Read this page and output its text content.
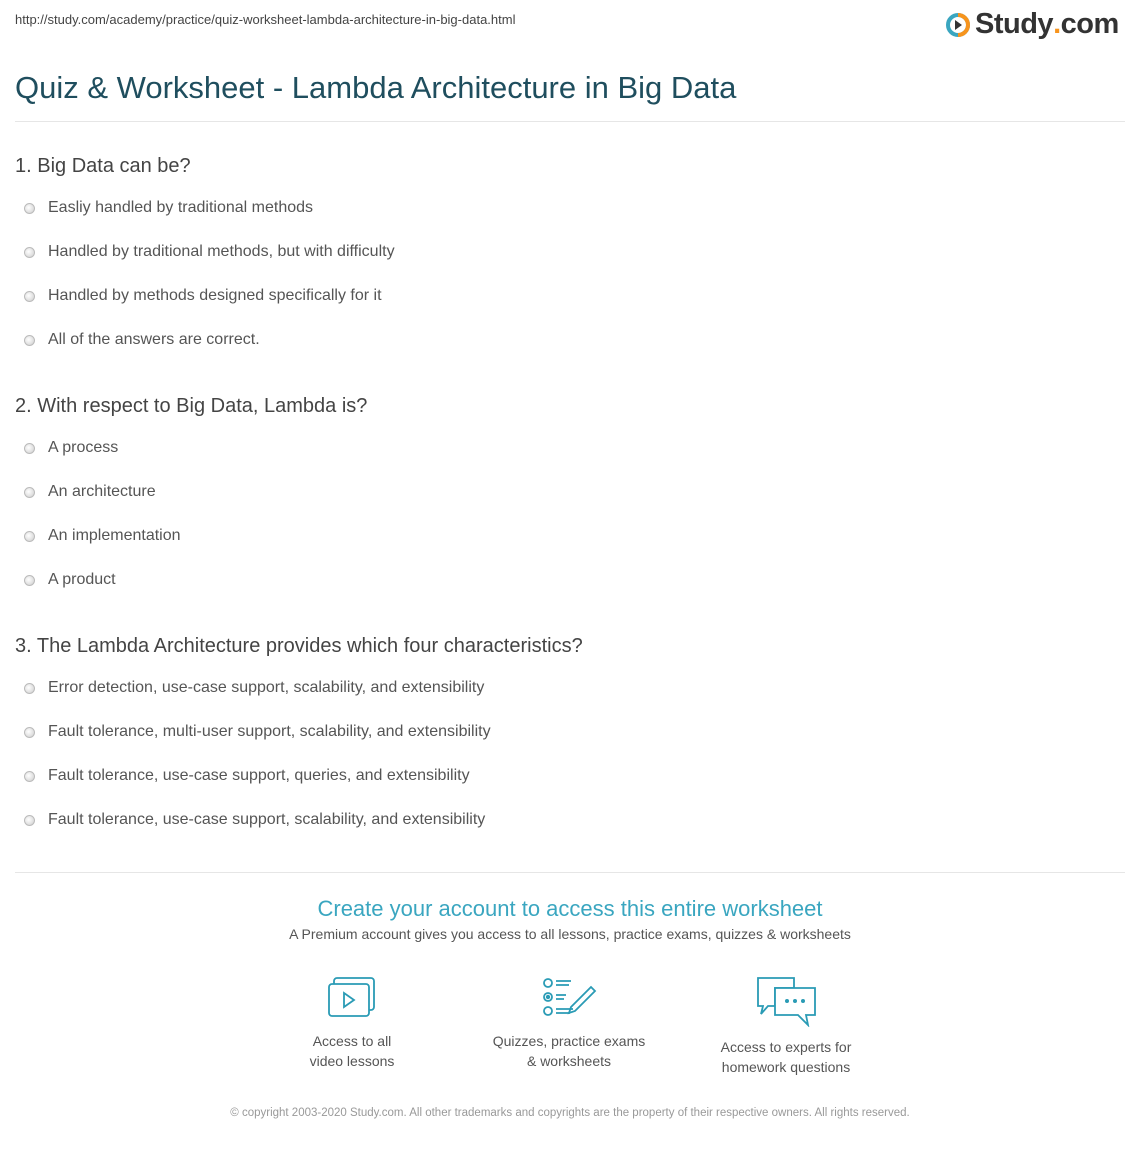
http://study.com/academy/practice/quiz-worksheet-lambda-architecture-in-big-data.html	Study . com
Quiz & Worksheet - Lambda Architecture in Big Data
1. Big Data can be?
Easliy handled by traditional methods
Handled by traditional methods, but with difficulty
Handled by methods designed specifically for it
All of the answers are correct.
2. With respect to Big Data, Lambda is?
A process
An architecture
An implementation
A product
3. The Lambda Architecture provides which four characteristics?
Error detection, use-case support, scalability, and extensibility
Fault tolerance, multi-user support, scalability, and extensibility
Fault tolerance, use-case support, queries, and extensibility
Fault tolerance, use-case support, scalability, and extensibility
Create your account to access this entire worksheet
A Premium account gives you access to all lessons, practice exams, quizzes & worksheets
Access to all
video lessons
Quizzes, practice exams
& worksheets
Access to experts for
homework questions
© copyright 2003-2020 Study.com. All other trademarks and copyrights are the property of their respective owners. All rights reserved.
